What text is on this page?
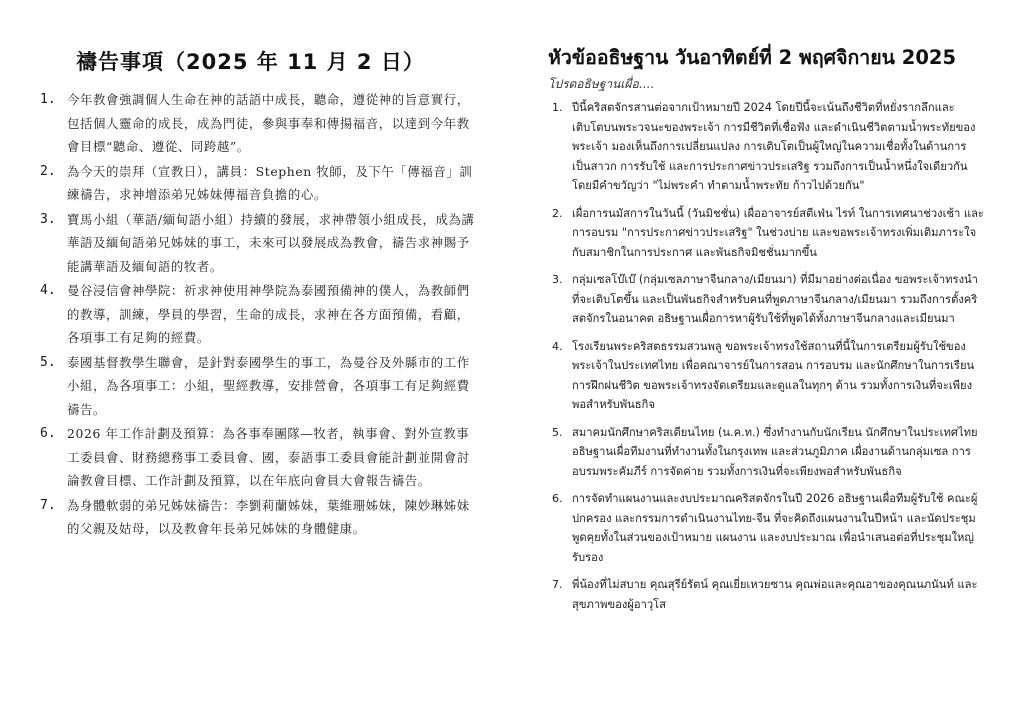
禱告事項（2025 年 11 月 2 日）
1. 今年教會強調個人生命在神的話語中成長，聽命，遵從神的旨意實行，包括個人靈命的成長，成為門徒，參與事奉和傳揚福音，以達到今年教會目標“聽命、遵從、同跨越”。
2. 為今天的崇拜（宣教日），講員：Stephen 牧師，及下午「傳福音」訓練禱告，求神增添弟兄姊妹傳福音負擔的心。
3. 寶馬小組（華語/緬甸語小組）持續的發展，求神帶領小組成長，成為講華語及緬甸語弟兄姊妹的事工，未來可以發展成為教會，禱告求神賜予能講華語及緬甸語的牧者。
4. 曼谷浸信會神學院：祈求神使用神學院為泰國預備神的僕人，為教師們的教導，訓練，學員的學習，生命的成長，求神在各方面預備，看顧，各項事工有足夠的經費。
5. 泰國基督教學生聯會，是針對泰國學生的事工，為曼谷及外縣市的工作小組，為各項事工：小組，聖經教導，安排營會，各項事工有足夠經費禱告。
6. 2026 年工作計劃及預算：為各事奉團隊—牧者，執事會、對外宣教事工委員會、財務總務事工委員會、國，泰語事工委員會能計劃並開會討論教會目標、工作計劃及預算，以在年底向會員大會報告禱告。
7. 為身體軟弱的弟兄姊妹禱告：李劉莉蘭姊妹，葉維珊姊妹，陳妙琳姊妹的父親及姑母，以及教會年長弟兄姊妹的身體健康。
หัวข้ออธิษฐาน วันอาทิตย์ที่ 2 พฤศจิกายน 2025
โปรดอธิษฐานเผื่อ....
1. ปีนี้คริสตจักรสานต่อจากเป้าหมายปี 2024 โดยปีนี้จะเน้นถึงชีวิตที่หยั่งรากลึกและเติบโตบนพระวจนะของพระเจ้า การมีชีวิตที่เชื่อฟัง และดำเนินชีวิตตามน้ำพระทัยของพระเจ้า มองเห็นถึงการเปลี่ยนแปลง การเติบโตเป็นผู้ใหญ่ในความเชื่อทั้งในด้านการเป็นสาวก การรับใช้ และการประกาศข่าวประเสริฐ รวมถึงการเป็นน้ำหนึ่งใจเดียวกัน โดยมีคำขวัญว่า "ไม่พระคำ ทำตามน้ำพระทัย ก้าวไปด้วยกัน"
2. เผื่อการนมัสการในวันนี้ (วันมิชชั่น) เผื่ออาจารย์สตีเฟ่น ไรท์ ในการเทศนาช่วงเช้า และการอบรม "การประกาศข่าวประเสริฐ" ในช่วงบ่าย และขอพระเจ้าทรงเพิ่มเติมภาระใจกับสมาชิกในการประกาศ และพันธกิจมิชชั่นมากขึ้น
3. กลุ่มเซลโบ๊เบ๊ (กลุ่มเซลภาษาจีนกลาง/เมียนมา) ที่มีมาอย่างต่อเนื่อง ขอพระเจ้าทรงนำที่จะเติบโตขึ้น และเป็นพันธกิจสำหรับคนที่พูดภาษาจีนกลาง/เมียนมา รวมถึงการตั้งคริสตจักรในอนาคต อธิษฐานเผื่อการหาผู้รับใช้ที่พูดได้ทั้งภาษาจีนกลางและเมียนมา
4. โรงเรียนพระคริสตธรรมสวนพลู ขอพระเจ้าทรงใช้สถานที่นี้ในการเตรียมผู้รับใช้ของพระเจ้าในประเทศไทย เพื่อคณาจารย์ในการสอน การอบรม และนักศึกษาในการเรียน การฝึกฝนชีวิต ขอพระเจ้าทรงจัดเตรียมและดูแลในทุกๆ ด้าน รวมทั้งการเงินที่จะเพียงพอสำหรับพันธกิจ
5. สมาคมนักศึกษาคริสเตียนไทย (น.ค.ท.) ซึ่งทำงานกับนักเรียน นักศึกษาในประเทศไทย อธิษฐานเผื่อทีมงานที่ทำงานทั้งในกรุงเทพ และส่วนภูมิภาค เผื่องานด้านกลุ่มเซล การอบรมพระคัมภีร์ การจัดค่าย รวมทั้งการเงินที่จะเพียงพอสำหรับพันธกิจ
6. การจัดทำแผนงานและงบประมาณคริสตจักรในปี 2026 อธิษฐานเผื่อทีมผู้รับใช้ คณะผู้ปกครอง และกรรมการดำเนินงานไทย-จีน ที่จะคิดถึงแผนงานในปีหน้า และนัดประชุมพูดคุยทั้งในส่วนของเป้าหมาย แผนงาน และงบประมาณ เพื่อนำเสนอต่อที่ประชุมใหญ่รับรอง
7. พี่น้องที่ไม่สบาย คุณสุรีย์รัตน์ คุณเยี่ยเหวยซาน คุณพ่อและคุณอาของคุณนภนันท์ และสุขภาพของผู้อาวุโส
